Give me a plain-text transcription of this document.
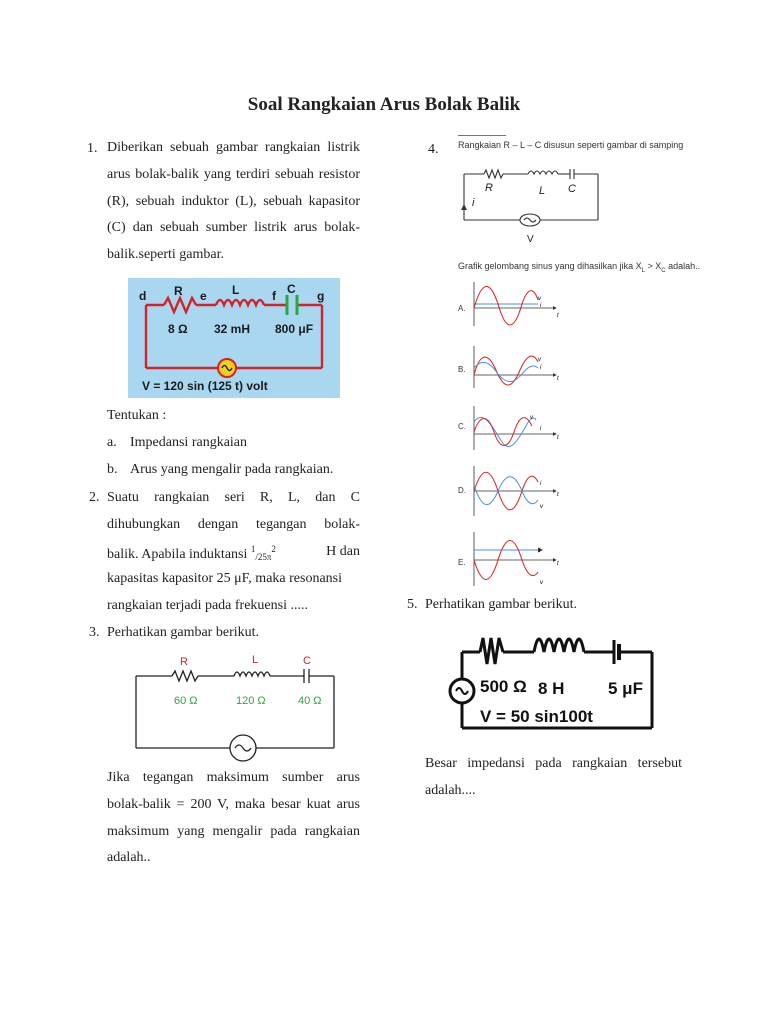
Soal Rangkaian Arus Bolak Balik
1. Diberikan sebuah gambar rangkaian listrik arus bolak-balik yang terdiri sebuah resistor (R), sebuah induktor (L), sebuah kapasitor (C) dan sebuah sumber listrik arus bolak-balik.seperti gambar.
d R e L	f C g
8 Ω 32 mH 800 μF
V = 120 sin (125 t) volt
Tentukan :
a. Impedansi rangkaian
b. Arus yang mengalir pada rangkaian.
2. Suatu rangkaian seri R, L, dan C
dihubungkan dengan tegangan bolak-
balik. Apabila induktansi $^1/25\pi^2$	H dan
kapasitas kapasitor 25 μF, maka resonansi
rangkaian terjadi pada frekuensi .....
3. Perhatikan gambar berikut.
R	L	C
60 Ω	120 Ω	40 Ω
Jika tegangan maksimum sumber arus bolak-balik = 200 V, maka besar kuat arus maksimum yang mengalir pada rangkaian adalah..
4. Rangkaian R – L – C disusun seperti gambar di samping
R	L C
i
V
Grafik gelombang sinus yang dihasilkan jika $X_L > X_C$ adalah..
A.
v
i
t
B.
v
i
t
C.
v
i
t
D.
i
v
t
E.
i
t
v
5. Perhatikan gambar berikut.
500 Ω 8 H	5 μF
V = 50 sin100t
Besar impedansi pada rangkaian tersebut adalah....
